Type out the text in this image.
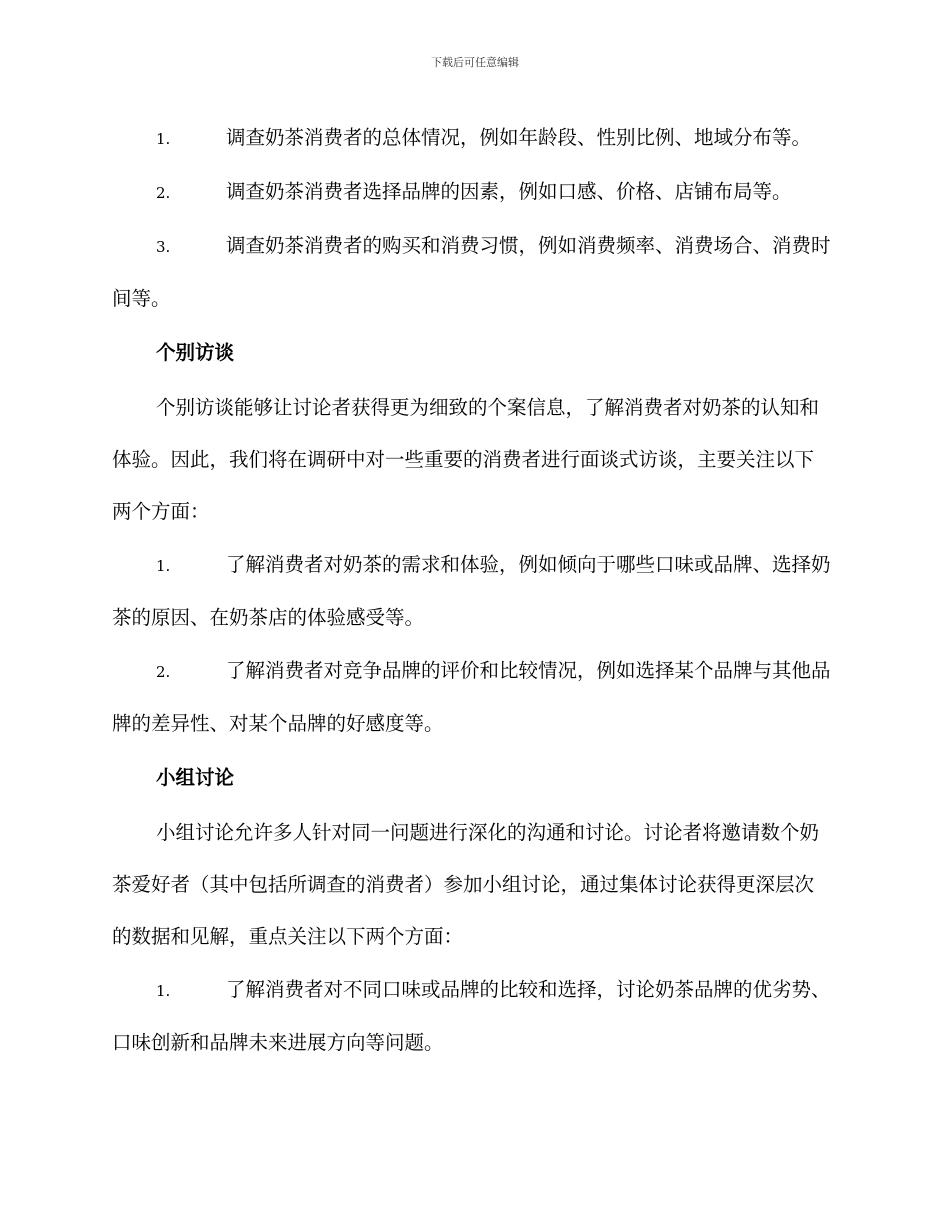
下载后可任意编辑

1.	调查奶茶消费者的总体情况，例如年龄段、性别比例、地域分布等。

2.	调查奶茶消费者选择品牌的因素，例如口感、价格、店铺布局等。

3.	调查奶茶消费者的购买和消费习惯，例如消费频率、消费场合、消费时间等。

个别访谈

个别访谈能够让讨论者获得更为细致的个案信息，了解消费者对奶茶的认知和体验。因此，我们将在调研中对一些重要的消费者进行面谈式访谈，主要关注以下两个方面：

1.	了解消费者对奶茶的需求和体验，例如倾向于哪些口味或品牌、选择奶茶的原因、在奶茶店的体验感受等。

2.	了解消费者对竞争品牌的评价和比较情况，例如选择某个品牌与其他品牌的差异性、对某个品牌的好感度等。

小组讨论

小组讨论允许多人针对同一问题进行深化的沟通和讨论。讨论者将邀请数个奶茶爱好者（其中包括所调查的消费者）参加小组讨论，通过集体讨论获得更深层次的数据和见解，重点关注以下两个方面：

1.	了解消费者对不同口味或品牌的比较和选择，讨论奶茶品牌的优劣势、口味创新和品牌未来进展方向等问题。
